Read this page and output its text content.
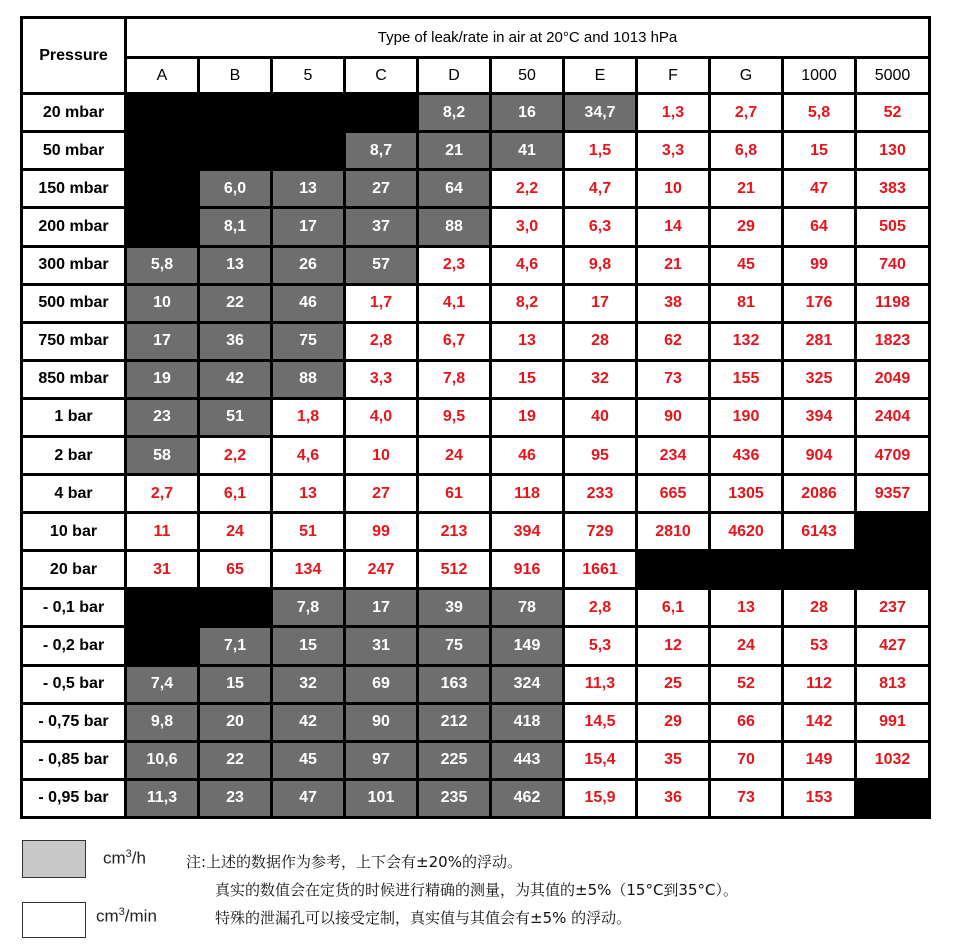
Pressure	Type of leak/rate in air at 20°C and 1013 hPa										
	A	B	5	C	D	50	E	F	G	1000	5000
20 mbar					8,2	16	34,7	1,3	2,7	5,8	52
50 mbar				8,7	21	41	1,5	3,3	6,8	15	130
150 mbar		6,0	13	27	64	2,2	4,7	10	21	47	383
200 mbar		8,1	17	37	88	3,0	6,3	14	29	64	505
300 mbar	5,8	13	26	57	2,3	4,6	9,8	21	45	99	740
500 mbar	10	22	46	1,7	4,1	8,2	17	38	81	176	1198
750 mbar	17	36	75	2,8	6,7	13	28	62	132	281	1823
850 mbar	19	42	88	3,3	7,8	15	32	73	155	325	2049
1 bar	23	51	1,8	4,0	9,5	19	40	90	190	394	2404
2 bar	58	2,2	4,6	10	24	46	95	234	436	904	4709
4 bar	2,7	6,1	13	27	61	118	233	665	1305	2086	9357
10 bar	11	24	51	99	213	394	729	2810	4620	6143	
20 bar	31	65	134	247	512	916	1661				
- 0,1 bar			7,8	17	39	78	2,8	6,1	13	28	237
- 0,2 bar		7,1	15	31	75	149	5,3	12	24	53	427
- 0,5 bar	7,4	15	32	69	163	324	11,3	25	52	112	813
- 0,75 bar	9,8	20	42	90	212	418	14,5	29	66	142	991
- 0,85 bar	10,6	22	45	97	225	443	15,4	35	70	149	1032
- 0,95 bar	11,3	23	47	101	235	462	15,9	36	73	153	
$cm^3/h$
$cm^3/\min$
注:上述的数据作为参考，上下会有±20%的浮动。
真实的数值会在定货的时候进行精确的测量，为其值的±5%（15°C到35°C）。
特殊的泄漏孔可以接受定制，真实值与其值会有±5% 的浮动。
